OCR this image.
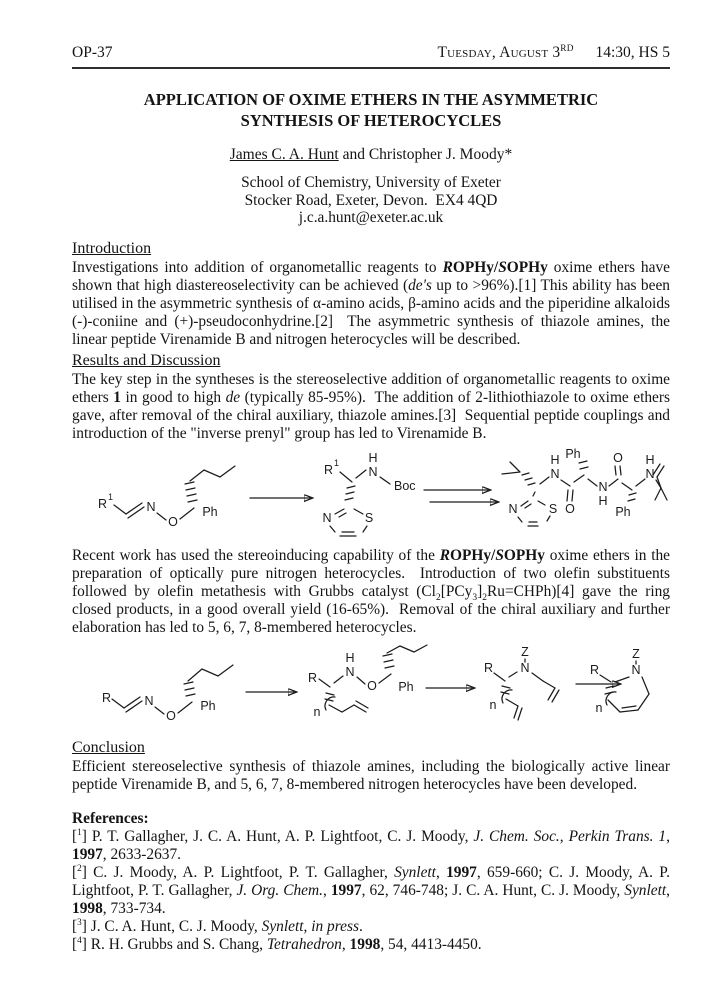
OP-37	Tuesday, August 3RD 14:30, HS 5
APPLICATION OF OXIME ETHERS IN THE ASYMMETRIC
SYNTHESIS OF HETEROCYCLES
James C. A. Hunt and Christopher J. Moody*
School of Chemistry, University of Exeter
Stocker Road, Exeter, Devon.  EX4 4QD
j.c.a.hunt@exeter.ac.uk
Introduction

Investigations into addition of organometallic reagents to ROPHy/SOPHy oxime ethers have shown that high diastereoselectivity can be achieved (de's up to >96%).[1] This ability has been utilised in the asymmetric synthesis of α-amino acids, β-amino acids and the piperidine alkaloids (-)-coniine and (+)-pseudoconhydrine.[2]  The asymmetric synthesis of thiazole amines, the linear peptide Virenamide B and nitrogen heterocycles will be described.

Results and Discussion

The key step in the syntheses is the stereoselective addition of organometallic reagents to oxime ethers 1 in good to high de (typically 85-95%).  The addition of 2-lithiothiazole to oxime ethers gave, after removal of the chiral auxiliary, thiazole amines.[3]  Sequential peptide couplings and introduction of the "inverse prenyl" group has led to Virenamide B.

R 1
N
O
Ph
R 1 H
N
Boc
N	S
N	S
H
N
O
Ph
N
H
O
Ph
H
N

Recent work has used the stereoinducing capability of the ROPHy/SOPHy oxime ethers in the preparation of optically pure nitrogen heterocycles.  Introduction of two olefin substituents followed by olefin metathesis with Grubbs catalyst $(Cl_2[PCy_3]_2Ru=CHPh)[4]$ gave the ring closed products, in a good overall yield (16-65%).  Removal of the chiral auxiliary and further elaboration has led to 5, 6, 7, 8-membered heterocycles.

R	N
O
Ph
R
H
N
O Ph
n
R
Z
N
n
R
Z
N
n
Conclusion

Efficient stereoselective synthesis of thiazole amines, including the biologically active linear peptide Virenamide B, and 5, 6, 7, 8-membered nitrogen heterocycles have been developed.

References:

[$^1$] P. T. Gallagher, J. C. A. Hunt, A. P. Lightfoot, C. J. Moody, J. Chem. Soc., Perkin Trans. 1, 1997, 2633-2637.

[$^2$] C. J. Moody, A. P. Lightfoot, P. T. Gallagher, Synlett, 1997, 659-660; C. J. Moody, A. P. Lightfoot, P. T. Gallagher, J. Org. Chem., 1997, 62, 746-748; J. C. A. Hunt, C. J. Moody, Synlett, 1998, 733-734.

[$^3$] J. C. A. Hunt, C. J. Moody, Synlett, in press.

[$^4$] R. H. Grubbs and S. Chang, Tetrahedron, 1998, 54, 4413-4450.
